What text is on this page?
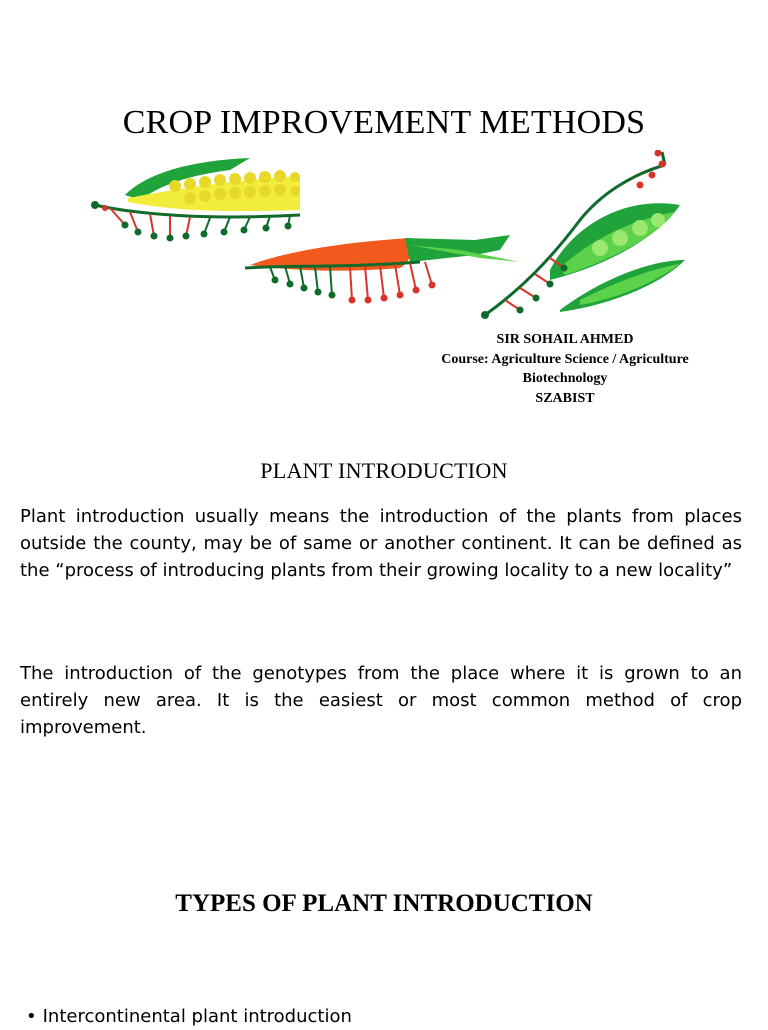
CROP IMPROVEMENT METHODS
SIR SOHAIL AHMED
Course: Agriculture Science / Agriculture
Biotechnology
SZABIST
PLANT INTRODUCTION

Plant introduction usually means the introduction of the plants from places outside the county, may be of same or another continent. It can be defined as the “process of introducing plants from their growing locality to a new locality”

The introduction of the genotypes from the place where it is grown to an entirely new area. It is the easiest or most common method of crop improvement.

TYPES OF PLANT INTRODUCTION
• Intercontinental plant introduction
